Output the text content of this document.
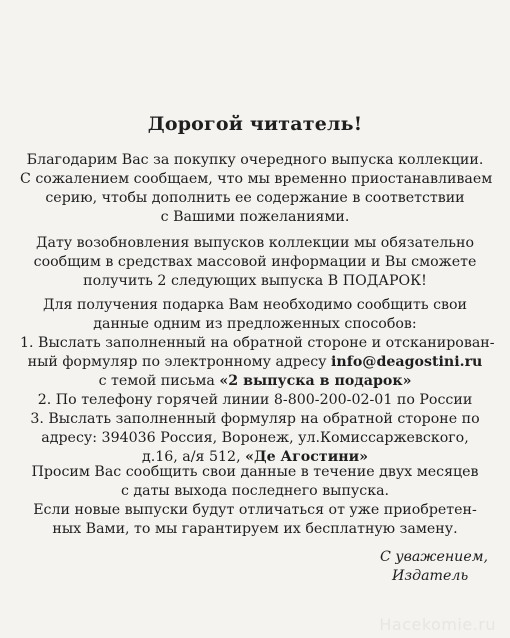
Дорогой читатель!
Благодарим Вас за покупку очередного выпуска коллекции.
С сожалением сообщаем, что мы временно приостанавливаем
серию, чтобы дополнить ее содержание в соответствии
с Вашими пожеланиями.
Дату возобновления выпусков коллекции мы обязательно
сообщим в средствах массовой информации и Вы сможете
получить 2 следующих выпуска В ПОДАРОК!
Для получения подарка Вам необходимо сообщить свои
данные одним из предложенных способов:
1. Выслать заполненный на обратной стороне и отсканирован-
ный формуляр по электронному адресу info@deagostini.ru
с темой письма «2 выпуска в подарок»
2. По телефону горячей линии 8-800-200-02-01 по России
3. Выслать заполненный формуляр на обратной стороне по
адресу: 394036 Россия, Воронеж, ул.Комиссаржевского,
д.16, а/я 512, «Де Агостини»
Просим Вас сообщить свои данные в течение двух месяцев
с даты выхода последнего выпуска.
Если новые выпуски будут отличаться от уже приобретен-
ных Вами, то мы гарантируем их бесплатную замену.
С уважением,
Издатель
Hacekomie.ru
